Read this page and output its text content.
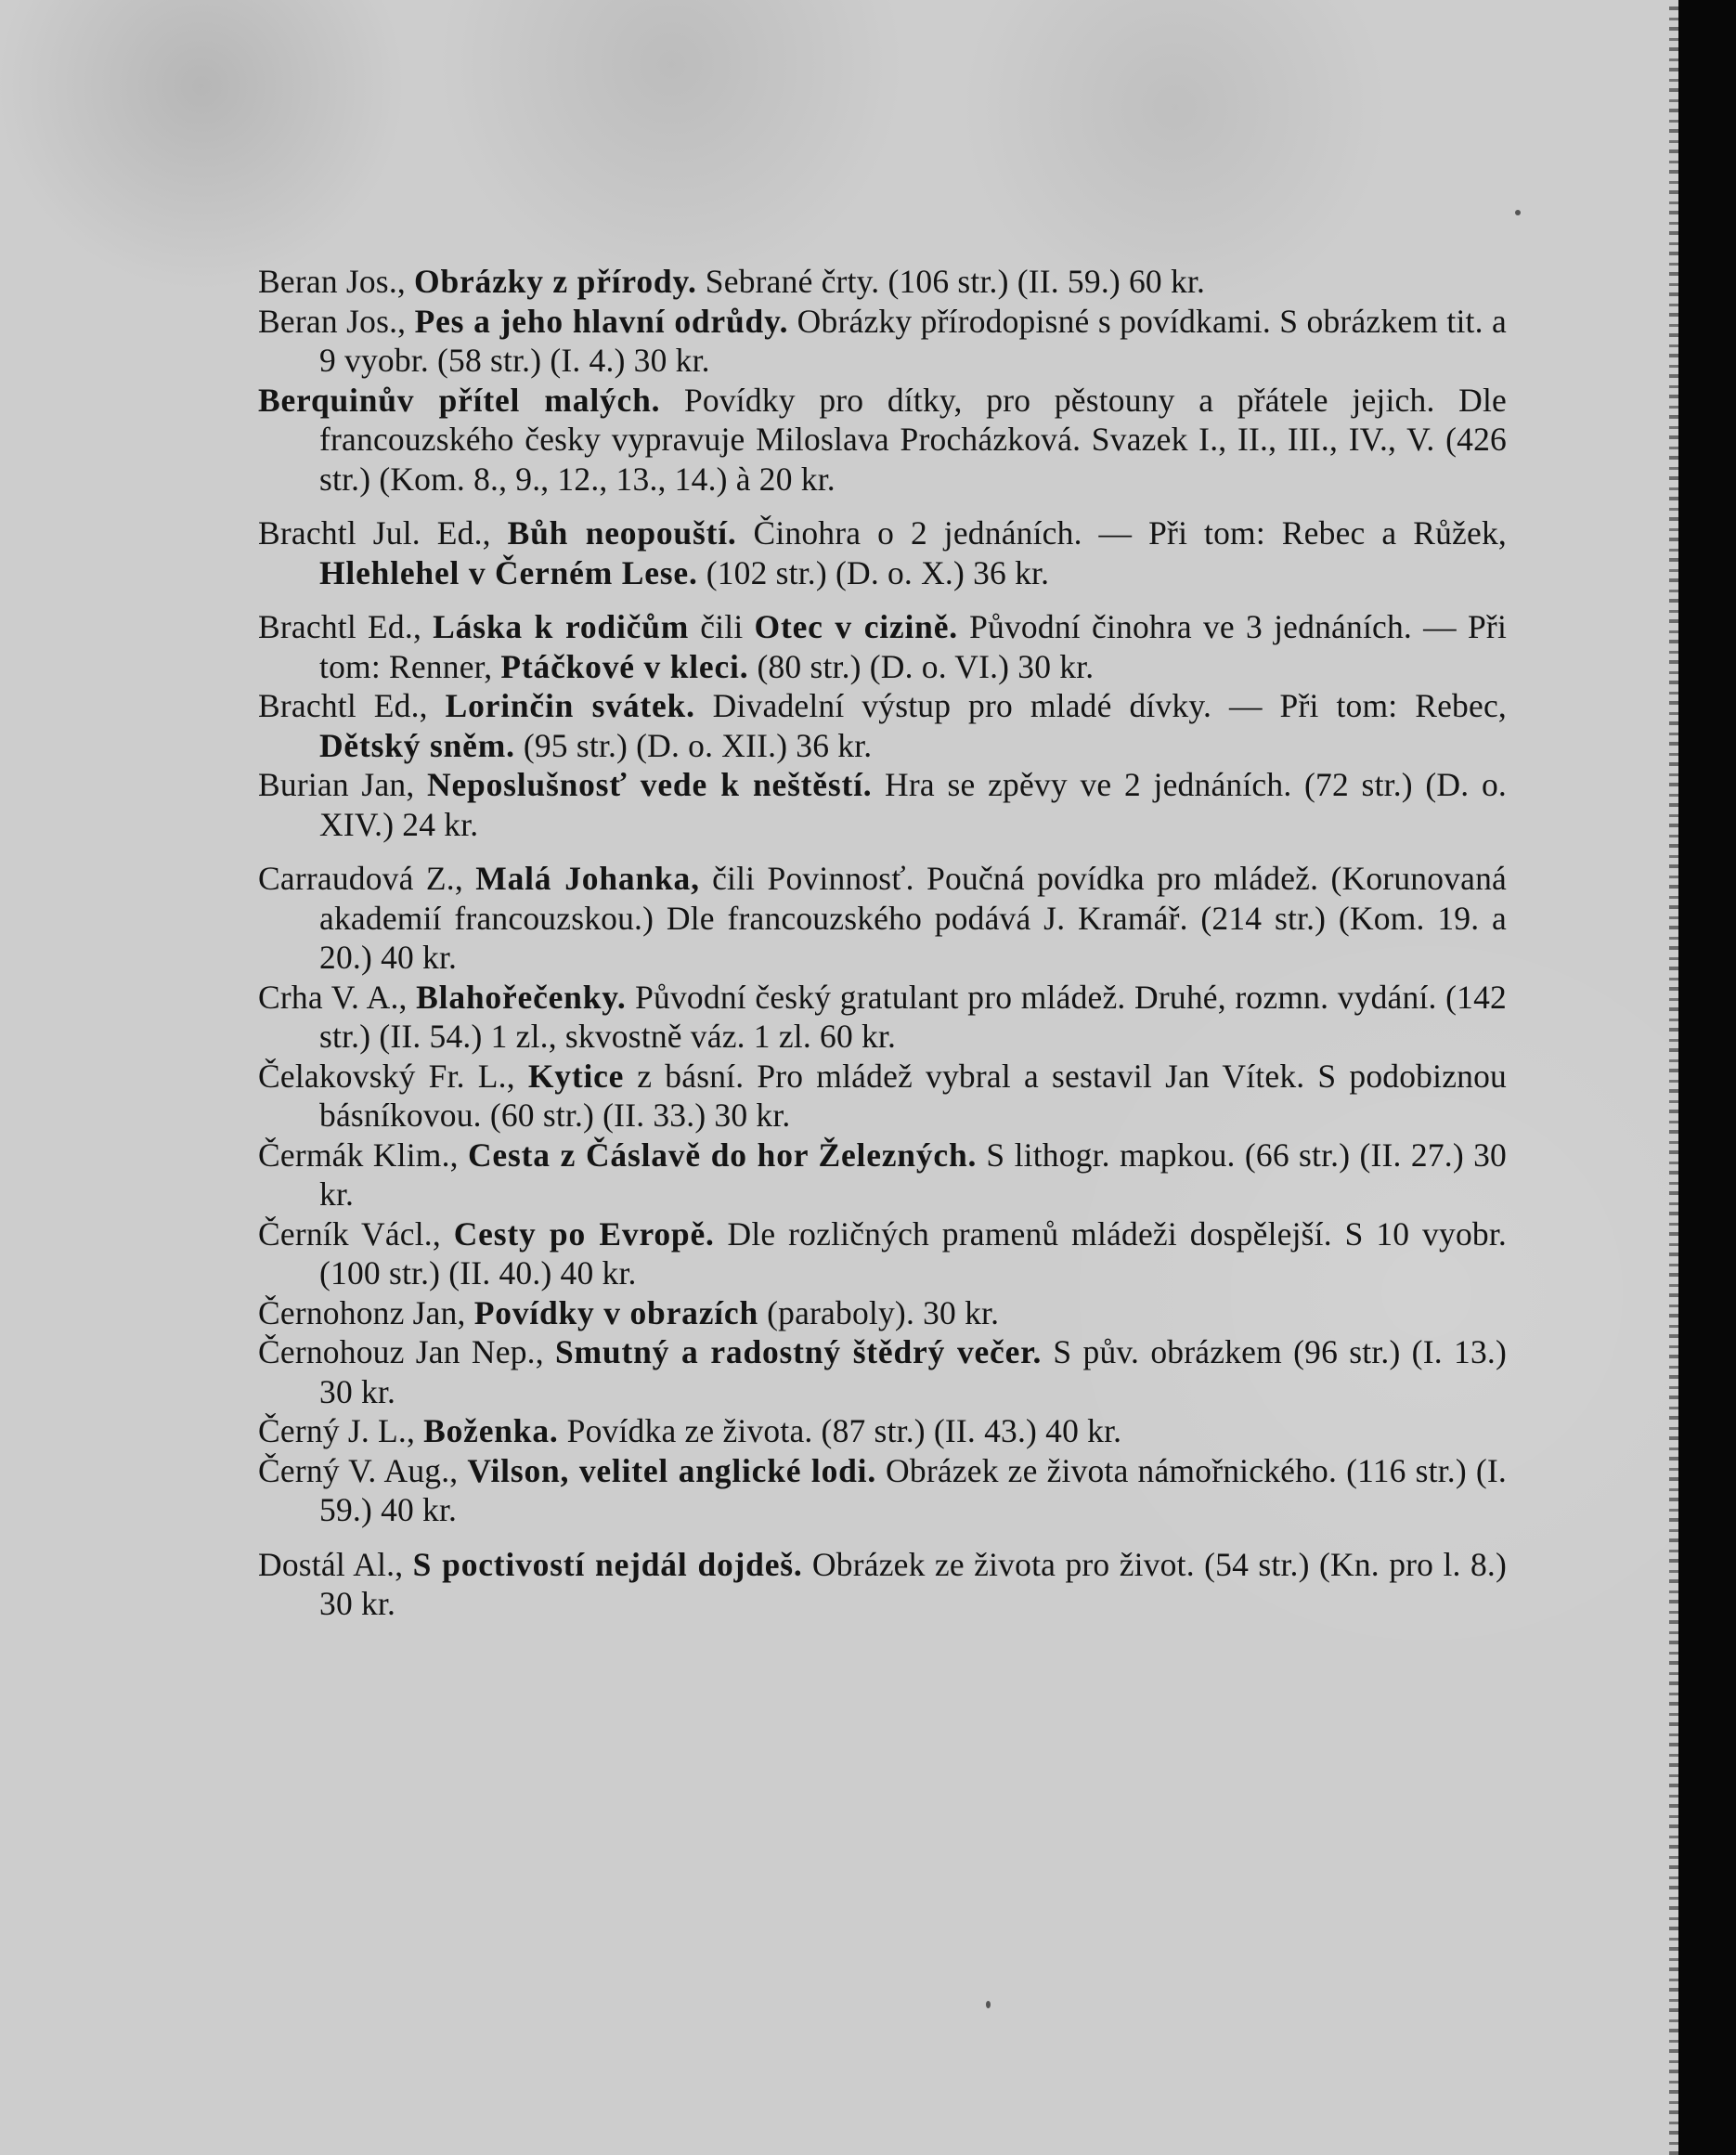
Beran Jos., Obrázky z přírody. Sebrané črty. (106 str.) (II. 59.) 60 kr.

Beran Jos., Pes a jeho hlavní odrůdy. Obrázky přírodopisné s povídkami. S obrázkem tit. a 9 vyobr. (58 str.) (I. 4.) 30 kr.

Berquinův přítel malých. Povídky pro dítky, pro pěstouny a přátele jejich. Dle francouzského česky vypravuje Miloslava Procházková. Svazek I., II., III., IV., V. (426 str.) (Kom. 8., 9., 12., 13., 14.) à 20 kr.

Brachtl Jul. Ed., Bůh neopouští. Činohra o 2 jednáních. — Při tom: Rebec a Růžek, Hlehlehel v Černém Lese. (102 str.) (D. o. X.) 36 kr.

Brachtl Ed., Láska k rodičům čili Otec v cizině. Původní činohra ve 3 jednáních. — Při tom: Renner, Ptáčkové v kleci. (80 str.) (D. o. VI.) 30 kr.

Brachtl Ed., Lorinčin svátek. Divadelní výstup pro mladé dívky. — Při tom: Rebec, Dětský sněm. (95 str.) (D. o. XII.) 36 kr.

Burian Jan, Neposlušnosť vede k neštěstí. Hra se zpěvy ve 2 jednáních. (72 str.) (D. o. XIV.) 24 kr.

Carraudová Z., Malá Johanka, čili Povinnosť. Poučná povídka pro mládež. (Korunovaná akademií francouzskou.) Dle francouzského podává J. Kramář. (214 str.) (Kom. 19. a 20.) 40 kr.

Crha V. A., Blahořečenky. Původní český gratulant pro mládež. Druhé, rozmn. vydání. (142 str.) (II. 54.) 1 zl., skvostně váz. 1 zl. 60 kr.

Čelakovský Fr. L., Kytice z básní. Pro mládež vybral a sestavil Jan Vítek. S podobiznou básníkovou. (60 str.) (II. 33.) 30 kr.

Čermák Klim., Cesta z Čáslavě do hor Železných. S lithogr. mapkou. (66 str.) (II. 27.) 30 kr.

Černík Václ., Cesty po Evropě. Dle rozličných pramenů mládeži dospělejší. S 10 vyobr. (100 str.) (II. 40.) 40 kr.

Černohonz Jan, Povídky v obrazích (paraboly). 30 kr.

Černohouz Jan Nep., Smutný a radostný štědrý večer. S pův. obrázkem (96 str.) (I. 13.) 30 kr.

Černý J. L., Boženka. Povídka ze života. (87 str.) (II. 43.) 40 kr.

Černý V. Aug., Vilson, velitel anglické lodi. Obrázek ze života námořnického. (116 str.) (I. 59.) 40 kr.

Dostál Al., S poctivostí nejdál dojdeš. Obrázek ze života pro život. (54 str.) (Kn. pro l. 8.) 30 kr.
